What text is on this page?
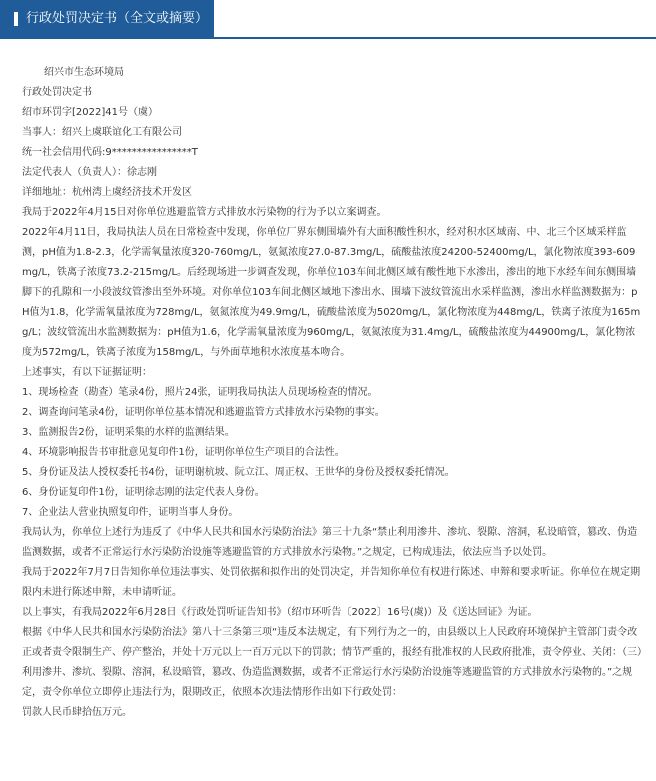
行政处罚决定书（全文或摘要）

绍兴市生态环境局

行政处罚决定书

绍市环罚字[2022]41号（虞）

当事人：绍兴上虞联谊化工有限公司

统一社会信用代码:9****************T

法定代表人（负责人）：徐志刚

详细地址：杭州湾上虞经济技术开发区

我局于2022年4月15日对你单位逃避监管方式排放水污染物的行为予以立案调查。

2022年4月11日，我局执法人员在日常检查中发现，你单位厂界东侧围墙外有大面积酸性积水，经对积水区域南、中、北三个区域采样监测，pH值为1.8-2.3，化学需氧量浓度320-760mg/L，氨氮浓度27.0-87.3mg/L，硫酸盐浓度24200-52400mg/L，氯化物浓度393-609mg/L，铁离子浓度73.2-215mg/L。后经现场进一步调查发现，你单位103车间北侧区域有酸性地下水渗出，渗出的地下水经车间东侧围墙脚下的孔隙和一小段波纹管渗出至外环境。对你单位103车间北侧区域地下渗出水、围墙下波纹管流出水采样监测，渗出水样监测数据为：pH值为1.8，化学需氧量浓度为728mg/L，氨氮浓度为49.9mg/L，硫酸盐浓度为5020mg/L，氯化物浓度为448mg/L，铁离子浓度为165mg/L；波纹管流出水监测数据为：pH值为1.6，化学需氧量浓度为960mg/L，氨氮浓度为31.4mg/L，硫酸盐浓度为44900mg/L，氯化物浓度为572mg/L，铁离子浓度为158mg/L，与外面草地积水浓度基本吻合。

上述事实，有以下证据证明：

1、现场检查（勘查）笔录4份，照片24张，证明我局执法人员现场检查的情况。

2、调查询问笔录4份，证明你单位基本情况和逃避监管方式排放水污染物的事实。

3、监测报告2份，证明采集的水样的监测结果。

4、环境影响报告书审批意见复印件1份，证明你单位生产项目的合法性。

5、身份证及法人授权委托书4份，证明谢杭坡、阮立江、周正权、王世华的身份及授权委托情况。

6、身份证复印件1份，证明徐志刚的法定代表人身份。

7、企业法人营业执照复印件，证明当事人身份。

我局认为，你单位上述行为违反了《中华人民共和国水污染防治法》第三十九条“禁止利用渗井、渗坑、裂隙、溶洞，私设暗管，篡改、伪造监测数据，或者不正常运行水污染防治设施等逃避监管的方式排放水污染物。”之规定，已构成违法，依法应当予以处罚。

我局于2022年7月7日告知你单位违法事实、处罚依据和拟作出的处罚决定，并告知你单位有权进行陈述、申辩和要求听证。你单位在规定期限内未进行陈述申辩，未申请听证。

以上事实，有我局2022年6月28日《行政处罚听证告知书》（绍市环听告〔2022〕16号(虞)）及《送达回证》为证。

根据《中华人民共和国水污染防治法》第八十三条第三项“违反本法规定，有下列行为之一的，由县级以上人民政府环境保护主管部门责令改正或者责令限制生产、停产整治，并处十万元以上一百万元以下的罚款；情节严重的，报经有批准权的人民政府批准，责令停业、关闭：（三）利用渗井、渗坑、裂隙、溶洞，私设暗管，篡改、伪造监测数据，或者不正常运行水污染防治设施等逃避监管的方式排放水污染物的。”之规定，责令你单位立即停止违法行为，限期改正，依照本次违法情形作出如下行政处罚：

罚款人民币肆拾伍万元。
